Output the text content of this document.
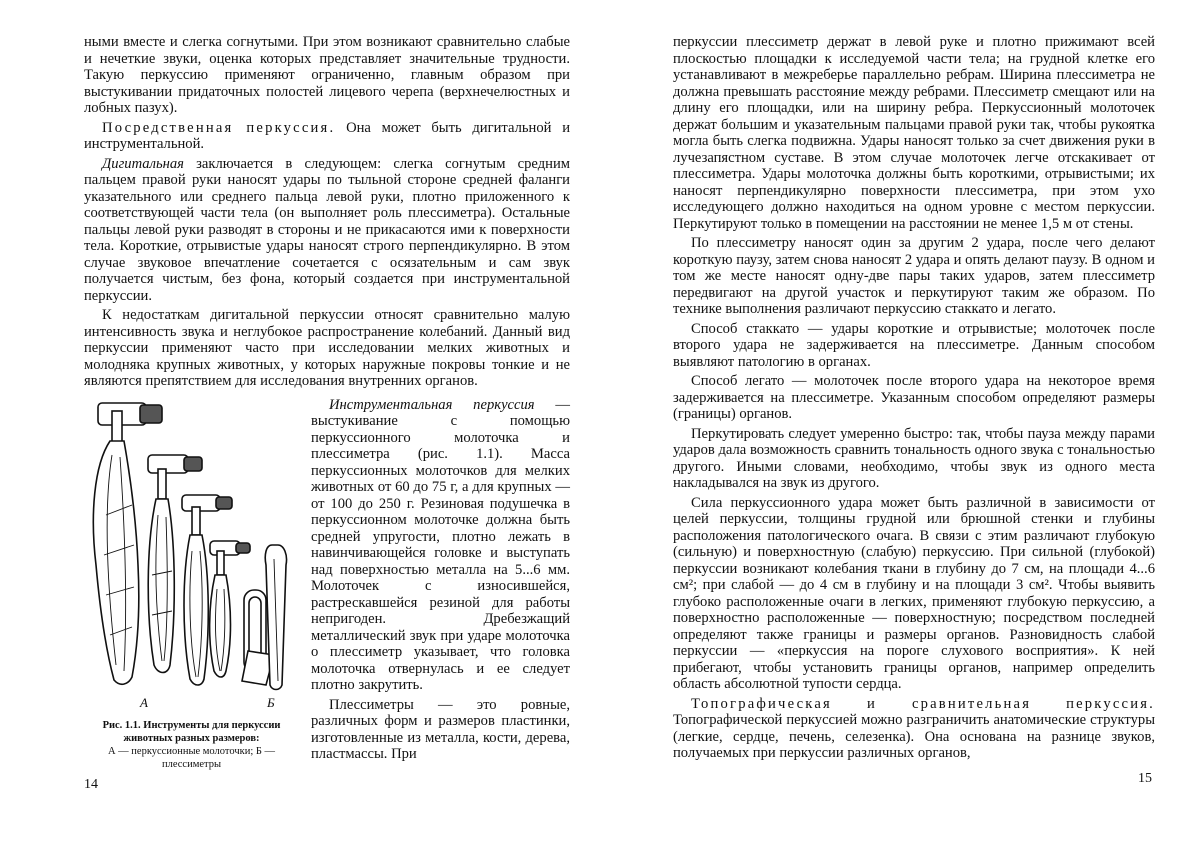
ными вместе и слегка согнутыми. При этом возникают сравнительно слабые и нечеткие звуки, оценка которых представляет значительные трудности. Такую перкуссию применяют ограниченно, главным образом при выстукивании придаточных полостей лицевого черепа (верхнечелюстных и лобных пазух).

Посредственная перкуссия. Она может быть дигитальной и инструментальной.

Дигитальная заключается в следующем: слегка согнутым средним пальцем правой руки наносят удары по тыльной стороне средней фаланги указательного или среднего пальца левой руки, плотно приложенного к соответствующей части тела (он выполняет роль плессиметра). Остальные пальцы левой руки разводят в стороны и не прикасаются ими к поверхности тела. Короткие, отрывистые удары наносят строго перпендикулярно. В этом случае звуковое впечатление сочетается с осязательным и сам звук получается чистым, без фона, который создается при инструментальной перкуссии.

К недостаткам дигитальной перкуссии относят сравнительно малую интенсивность звука и неглубокое распространение колебаний. Данный вид перкуссии применяют часто при исследовании мелких животных и молодняка крупных животных, у которых наружные покровы тонкие и не являются препятствием для исследования внутренних органов.

А	Б
Рис. 1.1. Инструменты для перкуссии животных разных размеров:
А — перкуссионные молоточки; Б — плессиметры

Инструментальная перкуссия — выстукивание с помощью перкуссионного молоточка и плессиметра (рис. 1.1). Масса перкуссионных молоточков для мелких животных от 60 до 75 г, а для крупных — от 100 до 250 г. Резиновая подушечка в перкуссионном молоточке должна быть средней упругости, плотно лежать в навинчивающейся головке и выступать над поверхностью металла на 5...6 мм. Молоточек с износившейся, растрескавшейся резиной для работы непригоден. Дребезжащий металлический звук при ударе молоточка о плессиметр указывает, что головка молоточка отвернулась и ее следует плотно закрутить.

Плессиметры — это ровные, различных форм и размеров пластинки, изготовленные из металла, кости, дерева, пластмассы. При

14

перкуссии плессиметр держат в левой руке и плотно прижимают всей плоскостью площадки к исследуемой части тела; на грудной клетке его устанавливают в межреберье параллельно ребрам. Ширина плессиметра не должна превышать расстояние между ребрами. Плессиметр смещают или на длину его площадки, или на ширину ребра. Перкуссионный молоточек держат большим и указательным пальцами правой руки так, чтобы рукоятка могла быть слегка подвижна. Удары наносят только за счет движения руки в лучезапястном суставе. В этом случае молоточек легче отскакивает от плессиметра. Удары молоточка должны быть короткими, отрывистыми; их наносят перпендикулярно поверхности плессиметра, при этом ухо исследующего должно находиться на одном уровне с местом перкуссии. Перкутируют только в помещении на расстоянии не менее 1,5 м от стены.

По плессиметру наносят один за другим 2 удара, после чего делают короткую паузу, затем снова наносят 2 удара и опять делают паузу. В одном и том же месте наносят одну-две пары таких ударов, затем плессиметр передвигают на другой участок и перкутируют таким же образом. По технике выполнения различают перкуссию стаккато и легато.

Способ стаккато — удары короткие и отрывистые; молоточек после второго удара не задерживается на плессиметре. Данным способом выявляют патологию в органах.

Способ легато — молоточек после второго удара на некоторое время задерживается на плессиметре. Указанным способом определяют размеры (границы) органов.

Перкутировать следует умеренно быстро: так, чтобы пауза между парами ударов дала возможность сравнить тональность одного звука с тональностью другого. Иными словами, необходимо, чтобы звук из одного места накладывался на звук из другого.

Сила перкуссионного удара может быть различной в зависимости от целей перкуссии, толщины грудной или брюшной стенки и глубины расположения патологического очага. В связи с этим различают глубокую (сильную) и поверхностную (слабую) перкуссию. При сильной (глубокой) перкуссии возникают колебания ткани в глубину до 7 см, на площади 4...6 см²; при слабой — до 4 см в глубину и на площади 3 см². Чтобы выявить глубоко расположенные очаги в легких, применяют глубокую перкуссию, а поверхностно расположенные — поверхностную; посредством последней определяют также границы и размеры органов. Разновидность слабой перкуссии — «перкуссия на пороге слухового восприятия». К ней прибегают, чтобы установить границы органов, например определить область абсолютной тупости сердца.

Топографическая и сравнительная перкуссия. Топографической перкуссией можно разграничить анатомические структуры (легкие, сердце, печень, селезенка). Она основана на разнице звуков, получаемых при перкуссии различных органов,

15
